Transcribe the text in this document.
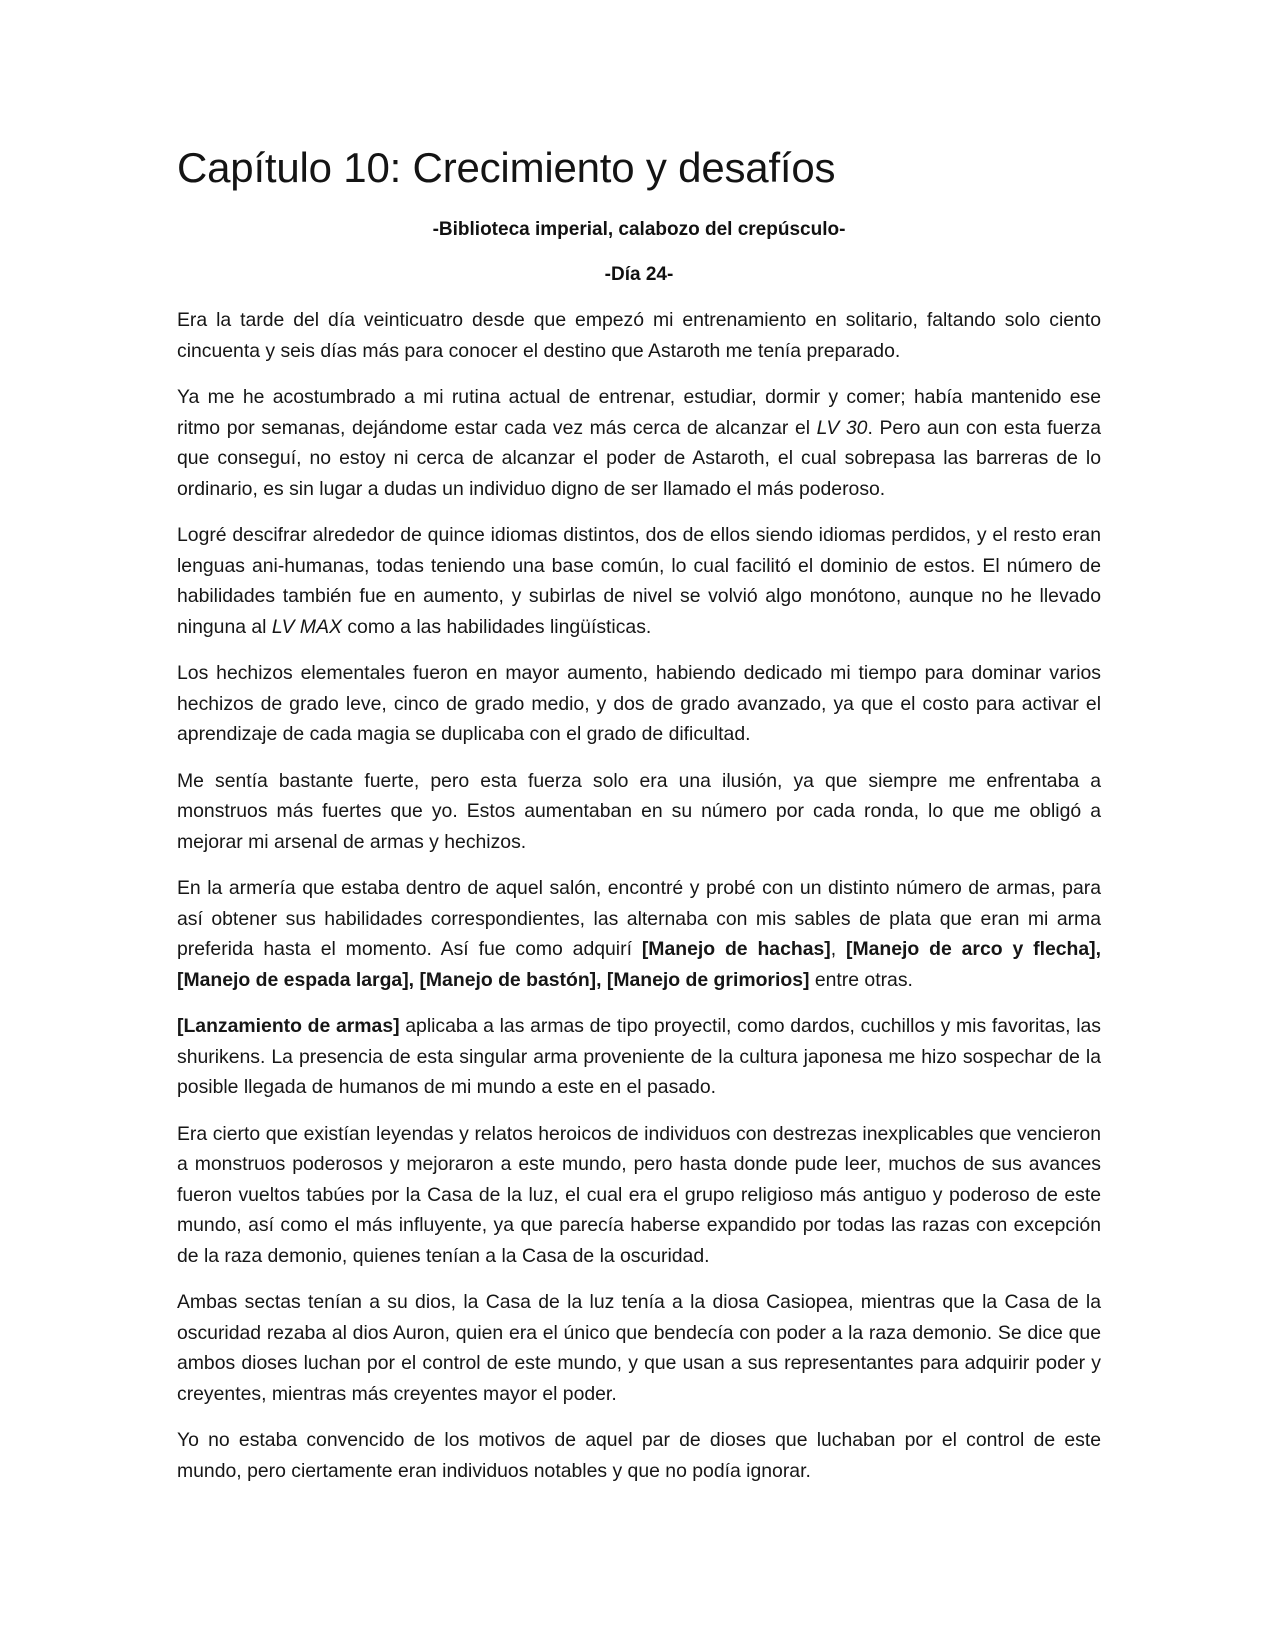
Capítulo 10: Crecimiento y desafíos
-Biblioteca imperial, calabozo del crepúsculo-
-Día 24-

Era la tarde del día veinticuatro desde que empezó mi entrenamiento en solitario, faltando solo ciento cincuenta y seis días más para conocer el destino que Astaroth me tenía preparado.

Ya me he acostumbrado a mi rutina actual de entrenar, estudiar, dormir y comer; había mantenido ese ritmo por semanas, dejándome estar cada vez más cerca de alcanzar el LV 30. Pero aun con esta fuerza que conseguí, no estoy ni cerca de alcanzar el poder de Astaroth, el cual sobrepasa las barreras de lo ordinario, es sin lugar a dudas un individuo digno de ser llamado el más poderoso.

Logré descifrar alrededor de quince idiomas distintos, dos de ellos siendo idiomas perdidos, y el resto eran lenguas ani-humanas, todas teniendo una base común, lo cual facilitó el dominio de estos. El número de habilidades también fue en aumento, y subirlas de nivel se volvió algo monótono, aunque no he llevado ninguna al LV MAX como a las habilidades lingüísticas.

Los hechizos elementales fueron en mayor aumento, habiendo dedicado mi tiempo para dominar varios hechizos de grado leve, cinco de grado medio, y dos de grado avanzado, ya que el costo para activar el aprendizaje de cada magia se duplicaba con el grado de dificultad.

Me sentía bastante fuerte, pero esta fuerza solo era una ilusión, ya que siempre me enfrentaba a monstruos más fuertes que yo. Estos aumentaban en su número por cada ronda, lo que me obligó a mejorar mi arsenal de armas y hechizos.

En la armería que estaba dentro de aquel salón, encontré y probé con un distinto número de armas, para así obtener sus habilidades correspondientes, las alternaba con mis sables de plata que eran mi arma preferida hasta el momento. Así fue como adquirí [Manejo de hachas], [Manejo de arco y flecha], [Manejo de espada larga], [Manejo de bastón], [Manejo de grimorios] entre otras.

[Lanzamiento de armas] aplicaba a las armas de tipo proyectil, como dardos, cuchillos y mis favoritas, las shurikens. La presencia de esta singular arma proveniente de la cultura japonesa me hizo sospechar de la posible llegada de humanos de mi mundo a este en el pasado.

Era cierto que existían leyendas y relatos heroicos de individuos con destrezas inexplicables que vencieron a monstruos poderosos y mejoraron a este mundo, pero hasta donde pude leer, muchos de sus avances fueron vueltos tabúes por la Casa de la luz, el cual era el grupo religioso más antiguo y poderoso de este mundo, así como el más influyente, ya que parecía haberse expandido por todas las razas con excepción de la raza demonio, quienes tenían a la Casa de la oscuridad.

Ambas sectas tenían a su dios, la Casa de la luz tenía a la diosa Casiopea, mientras que la Casa de la oscuridad rezaba al dios Auron, quien era el único que bendecía con poder a la raza demonio. Se dice que ambos dioses luchan por el control de este mundo, y que usan a sus representantes para adquirir poder y creyentes, mientras más creyentes mayor el poder.

Yo no estaba convencido de los motivos de aquel par de dioses que luchaban por el control de este mundo, pero ciertamente eran individuos notables y que no podía ignorar.
